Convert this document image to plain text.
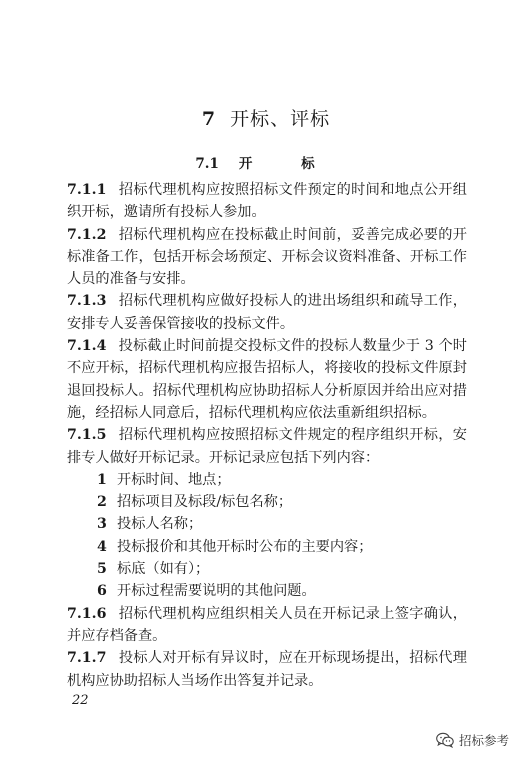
7 开标、评标
7.1 开 标

7.1.1 招标代理机构应按照招标文件预定的时间和地点公开组织开标，邀请所有投标人参加。

7.1.2 招标代理机构应在投标截止时间前，妥善完成必要的开标准备工作，包括开标会场预定、开标会议资料准备、开标工作人员的准备与安排。

7.1.3 招标代理机构应做好投标人的进出场组织和疏导工作，安排专人妥善保管接收的投标文件。

7.1.4 投标截止时间前提交投标文件的投标人数量少于 3 个时不应开标，招标代理机构应报告招标人，将接收的投标文件原封退回投标人。招标代理机构应协助招标人分析原因并给出应对措施，经招标人同意后，招标代理机构应依法重新组织招标。

7.1.5 招标代理机构应按照招标文件规定的程序组织开标，安排专人做好开标记录。开标记录应包括下列内容：

1 开标时间、地点；

2 招标项目及标段/标包名称；

3 投标人名称；

4 投标报价和其他开标时公布的主要内容；

5 标底（如有）；

6 开标过程需要说明的其他问题。

7.1.6 招标代理机构应组织相关人员在开标记录上签字确认，并应存档备查。

7.1.7 投标人对开标有异议时，应在开标现场提出，招标代理机构应协助招标人当场作出答复并记录。

22
招标参考
